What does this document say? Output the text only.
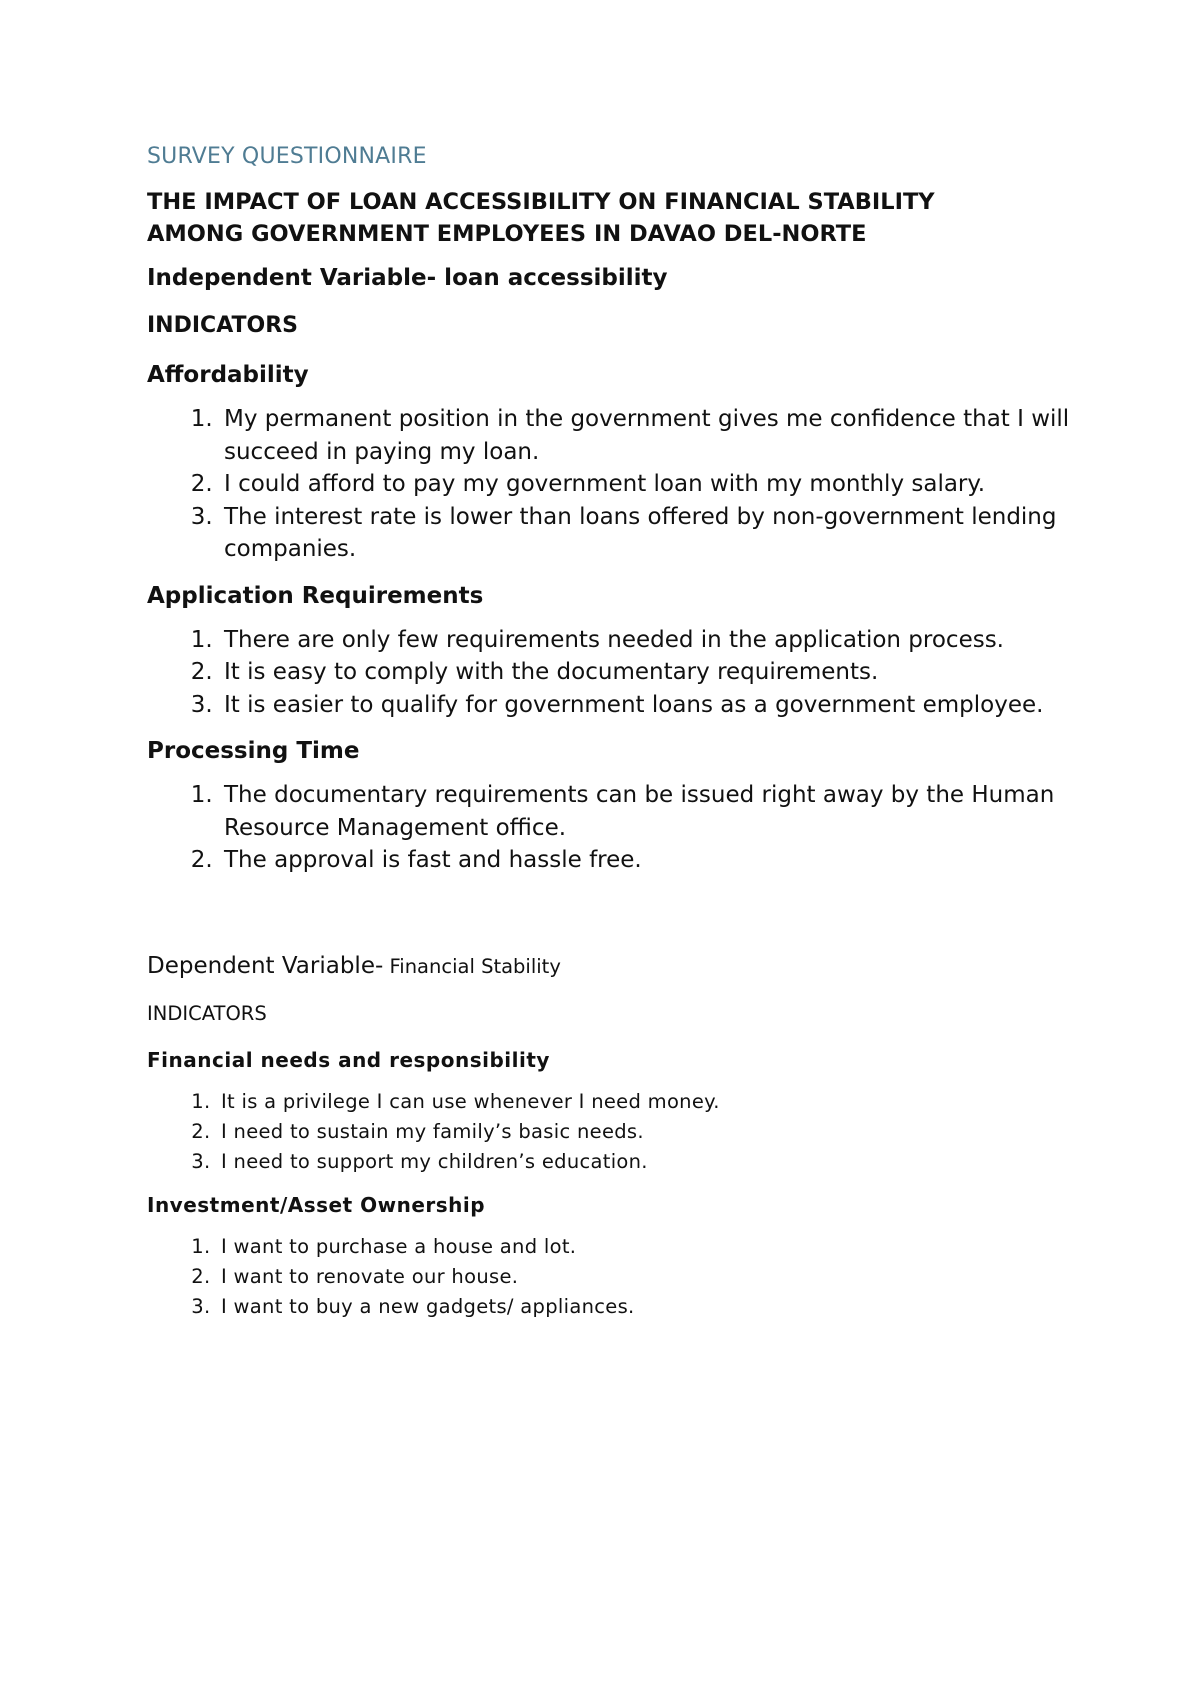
SURVEY QUESTIONNAIRE
THE IMPACT OF LOAN ACCESSIBILITY ON FINANCIAL STABILITY
AMONG GOVERNMENT EMPLOYEES IN DAVAO DEL-NORTE
Independent Variable- loan accessibility
INDICATORS
Affordability
1. My permanent position in the government gives me confidence that I will succeed in paying my loan.
2. I could afford to pay my government loan with my monthly salary.
3. The interest rate is lower than loans offered by non-government lending companies.
Application Requirements
1. There are only few requirements needed in the application process.
2. It is easy to comply with the documentary requirements.
3. It is easier to qualify for government loans as a government employee.
Processing Time
1. The documentary requirements can be issued right away by the Human Resource Management office.
2. The approval is fast and hassle free.
Dependent Variable- Financial Stability
INDICATORS
Financial needs and responsibility
1. It is a privilege I can use whenever I need money.
2. I need to sustain my family’s basic needs.
3. I need to support my children’s education.
Investment/Asset Ownership
1. I want to purchase a house and lot.
2. I want to renovate our house.
3. I want to buy a new gadgets/ appliances.
